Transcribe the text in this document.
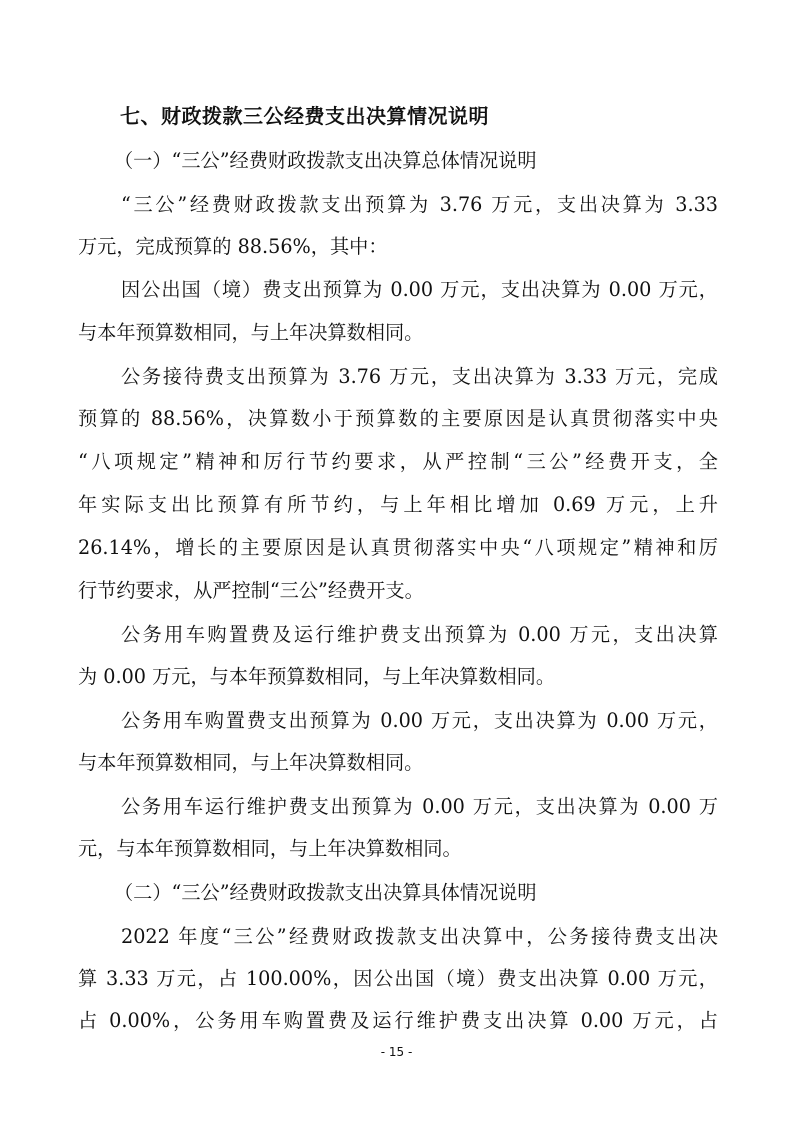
七、财政拨款三公经费支出决算情况说明

（一）“三公”经费财政拨款支出决算总体情况说明

“三公”经费财政拨款支出预算为 3.76 万元，支出决算为 3.33

万元，完成预算的 88.56%，其中：

因公出国（境）费支出预算为 0.00 万元，支出决算为 0.00 万元，

与本年预算数相同，与上年决算数相同。

公务接待费支出预算为 3.76 万元，支出决算为 3.33 万元，完成

预算的 88.56%，决算数小于预算数的主要原因是认真贯彻落实中央

“八项规定”精神和厉行节约要求，从严控制“三公”经费开支，全

年实际支出比预算有所节约，与上年相比增加 0.69 万元，上升

26.14%，增长的主要原因是认真贯彻落实中央“八项规定”精神和厉

行节约要求，从严控制“三公”经费开支。

公务用车购置费及运行维护费支出预算为 0.00 万元，支出决算

为 0.00 万元，与本年预算数相同，与上年决算数相同。

公务用车购置费支出预算为 0.00 万元，支出决算为 0.00 万元，

与本年预算数相同，与上年决算数相同。

公务用车运行维护费支出预算为 0.00 万元，支出决算为 0.00 万

元，与本年预算数相同，与上年决算数相同。

（二）“三公”经费财政拨款支出决算具体情况说明

2022 年度“三公”经费财政拨款支出决算中，公务接待费支出决

算 3.33 万元，占 100.00%，因公出国（境）费支出决算 0.00 万元，

占 0.00%，公务用车购置费及运行维护费支出决算 0.00 万元，占

- 15 -
